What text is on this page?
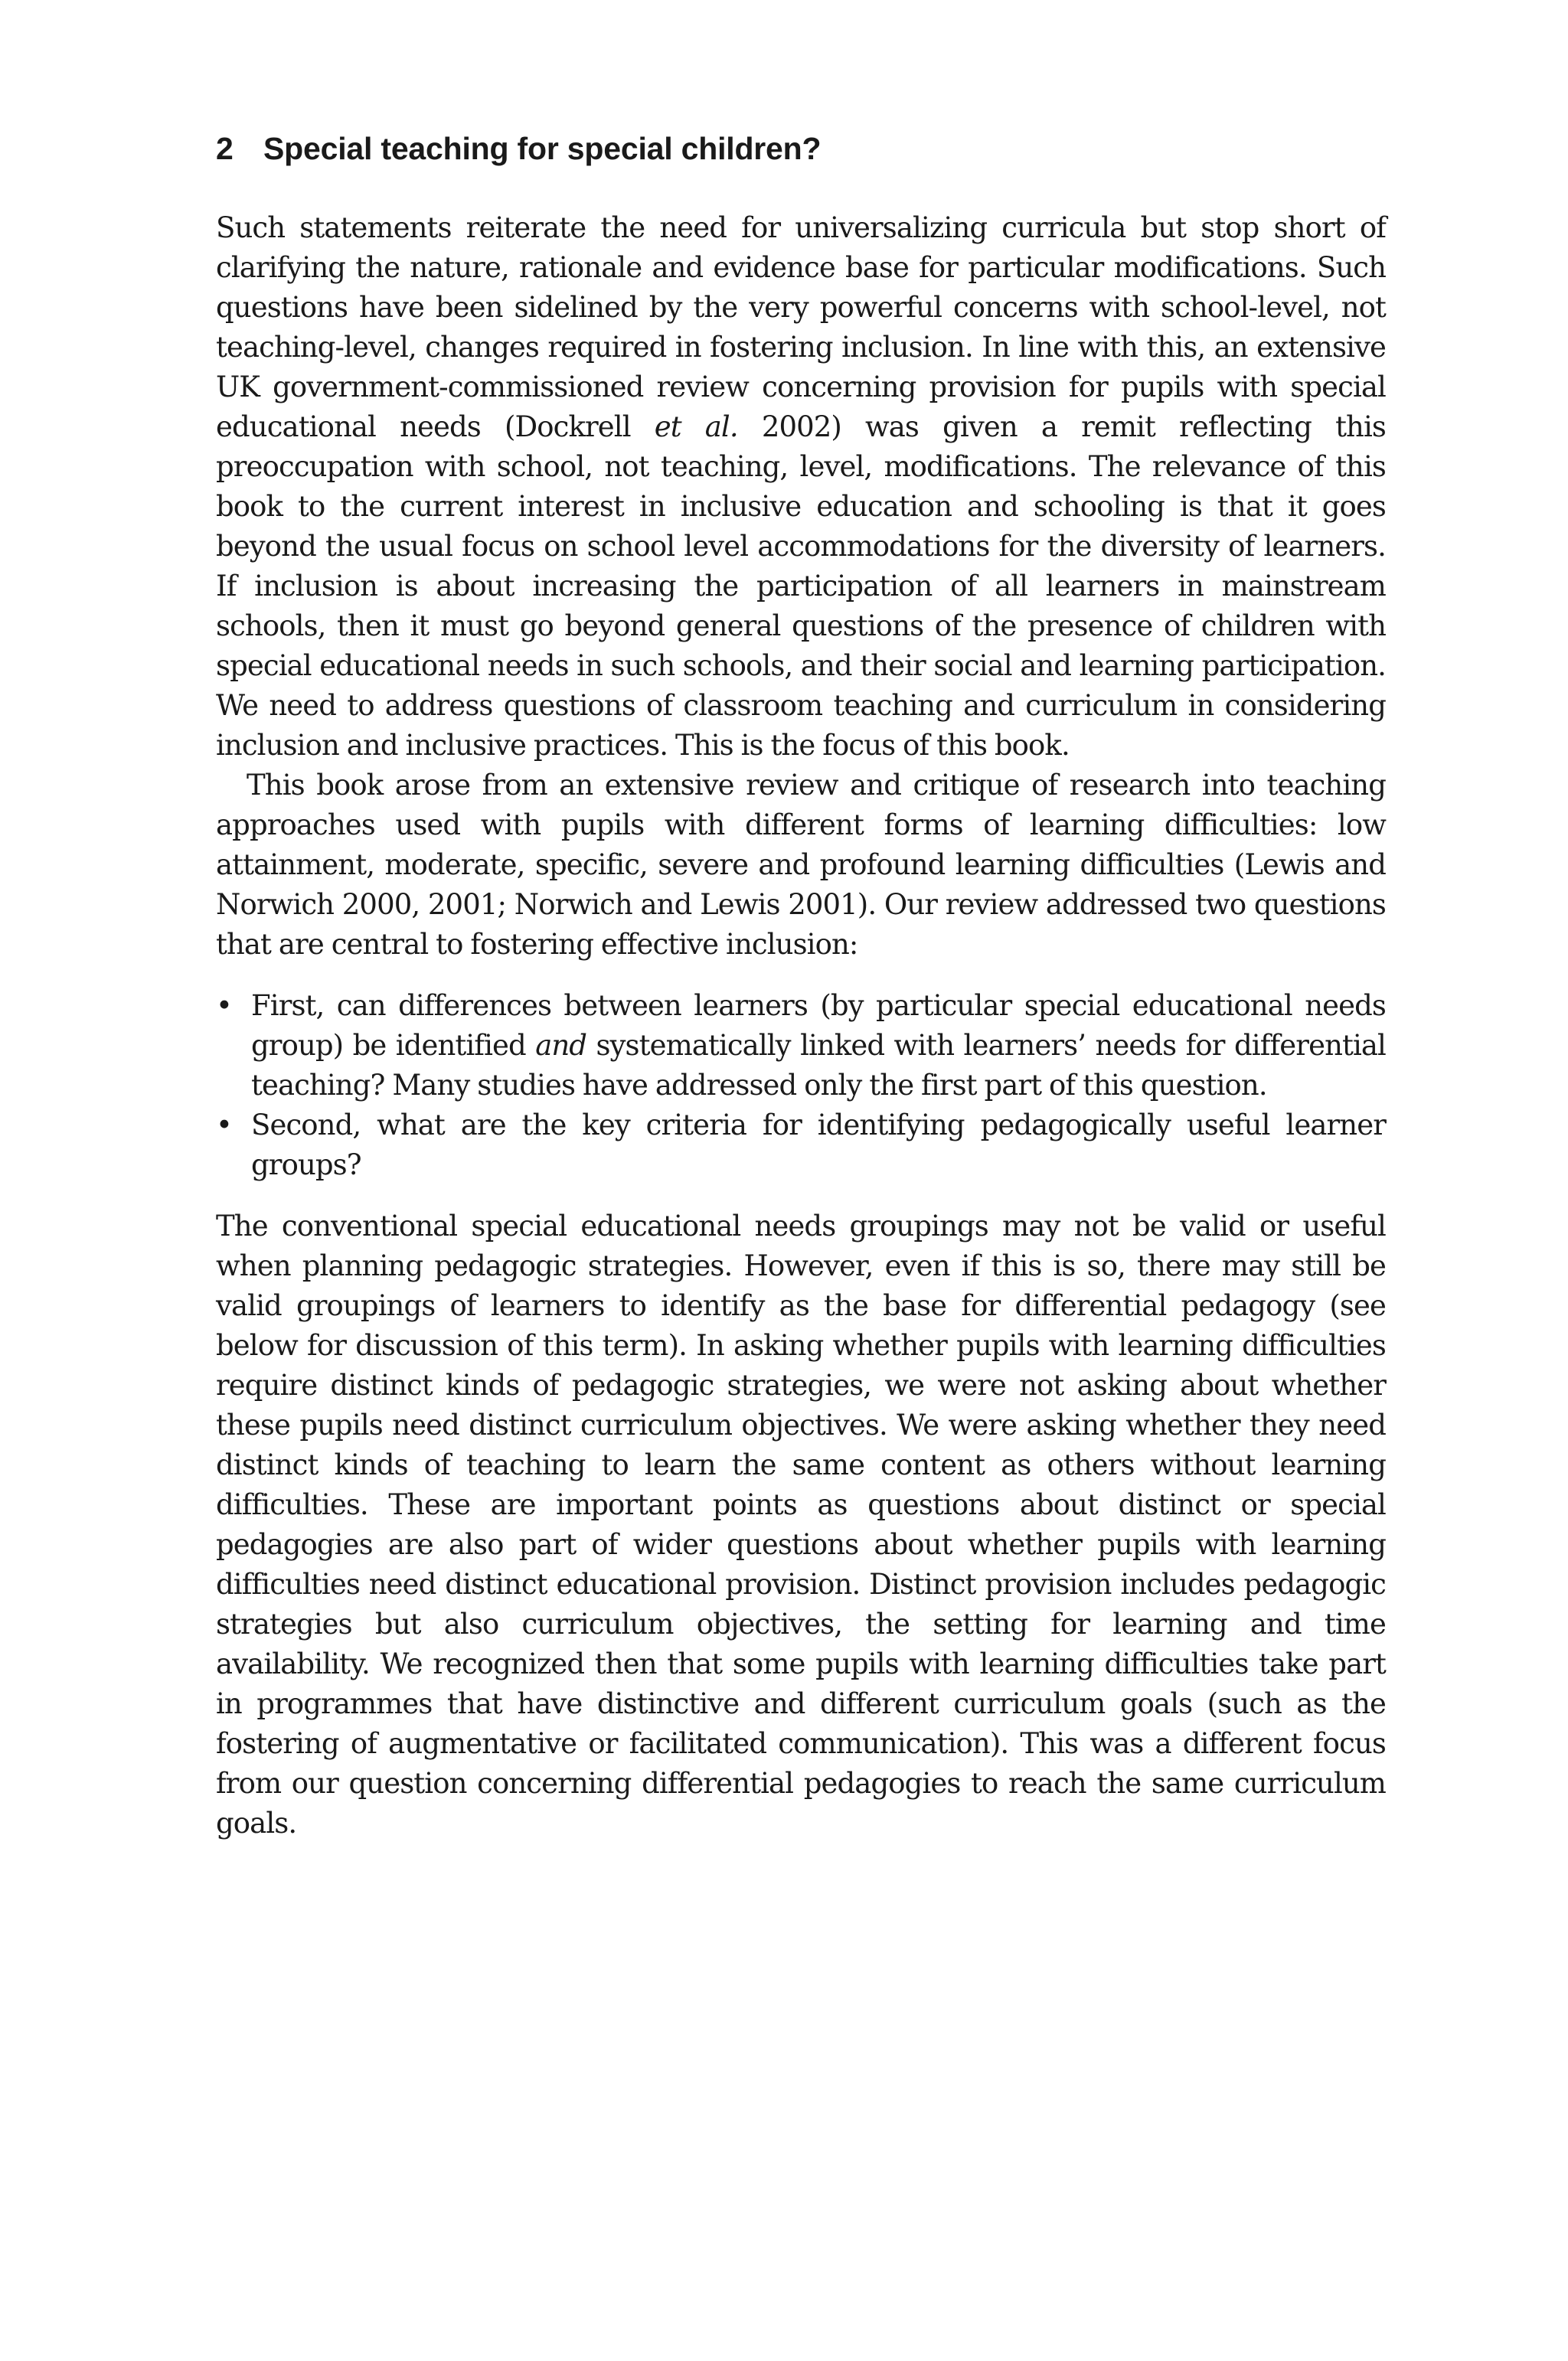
2 Special teaching for special children?

Such statements reiterate the need for universalizing curricula but stop short of clarifying the nature, rationale and evidence base for particular modifications. Such questions have been sidelined by the very powerful concerns with school-level, not teaching-level, changes required in fostering inclusion. In line with this, an extensive UK government-commissioned review concerning provision for pupils with special educational needs (Dockrell et al. 2002) was given a remit reflecting this preoccupation with school, not teaching, level, modifications. The relevance of this book to the current interest in inclusive education and schooling is that it goes beyond the usual focus on school level accommodations for the diversity of learners. If inclusion is about increasing the participation of all learners in mainstream schools, then it must go beyond general questions of the presence of children with special educational needs in such schools, and their social and learning participation. We need to address questions of classroom teaching and curriculum in considering inclusion and inclusive practices. This is the focus of this book.

This book arose from an extensive review and critique of research into teaching approaches used with pupils with different forms of learning difficulties: low attainment, moderate, specific, severe and profound learning difficulties (Lewis and Norwich 2000, 2001; Norwich and Lewis 2001). Our review addressed two questions that are central to fostering effective inclusion:

• First, can differences between learners (by particular special educational needs group) be identified and systematically linked with learners’ needs for differential teaching? Many studies have addressed only the first part of this question.
• Second, what are the key criteria for identifying pedagogically useful learner groups?

The conventional special educational needs groupings may not be valid or useful when planning pedagogic strategies. However, even if this is so, there may still be valid groupings of learners to identify as the base for differential pedagogy (see below for discussion of this term). In asking whether pupils with learning difficulties require distinct kinds of pedagogic strategies, we were not asking about whether these pupils need distinct curriculum objectives. We were asking whether they need distinct kinds of teaching to learn the same content as others without learning difficulties. These are important points as questions about distinct or special pedagogies are also part of wider questions about whether pupils with learning difficulties need distinct educational provision. Distinct provision includes pedagogic strategies but also curriculum objectives, the setting for learning and time availability. We recognized then that some pupils with learning difficulties take part in programmes that have distinctive and different curriculum goals (such as the fostering of augmentative or facilitated communication). This was a different focus from our question concerning differential pedagogies to reach the same curriculum goals.
